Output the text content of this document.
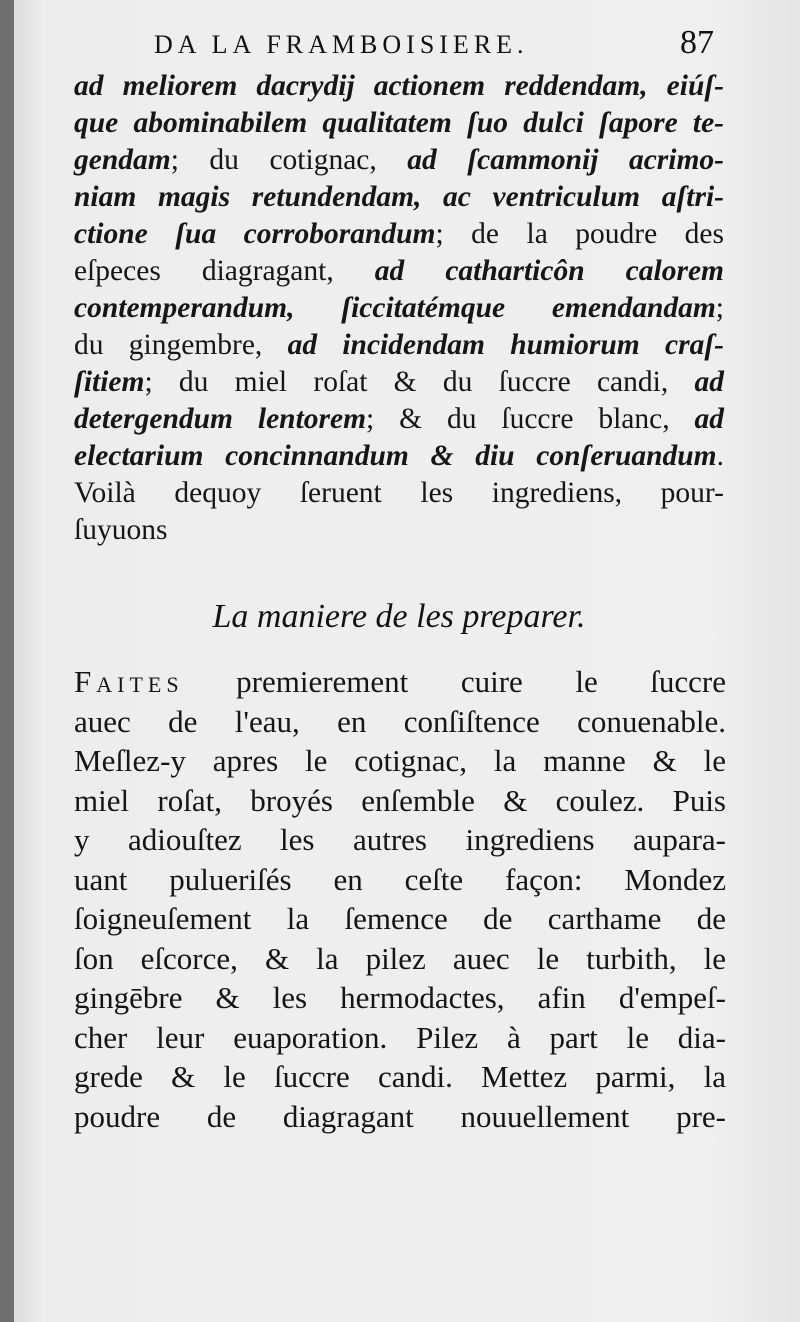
DA LA FRAMBOISIERE.	87
ad meliorem dacrydij actionem reddendam, eiúſ-
que abominabilem qualitatem ſuo dulci ſapore te-
gendam; du cotignac, ad ſcammonij acrimo-
niam magis retundendam, ac ventriculum aſtri-
ctione ſua corroborandum; de la poudre des
eſpeces diagragant, ad catharticôn calorem
contemperandum, ſiccitatémque emendandam;
du gingembre, ad incidendam humiorum craſ-
ſitiem; du miel roſat & du ſuccre candi, ad
detergendum lentorem; & du ſuccre blanc, ad
electarium concinnandum & diu conſeruandum.
Voilà dequoy ſeruent les ingrediens, pour-
ſuyuons
La maniere de les preparer.
Faites premierement cuire le ſuccre
auec de l'eau, en conſiſtence conuenable.
Meſlez-y apres le cotignac, la manne & le
miel roſat, broyés enſemble & coulez. Puis
y adiouſtez les autres ingrediens aupara-
uant pulueriſés en ceſte façon: Mondez
ſoigneuſement la ſemence de carthame de
ſon eſcorce, & la pilez auec le turbith, le
gingēbre & les hermodactes, afin d'empeſ-
cher leur euaporation. Pilez à part le dia-
grede & le ſuccre candi. Mettez parmi, la
poudre de diagragant nouuellement pre-
